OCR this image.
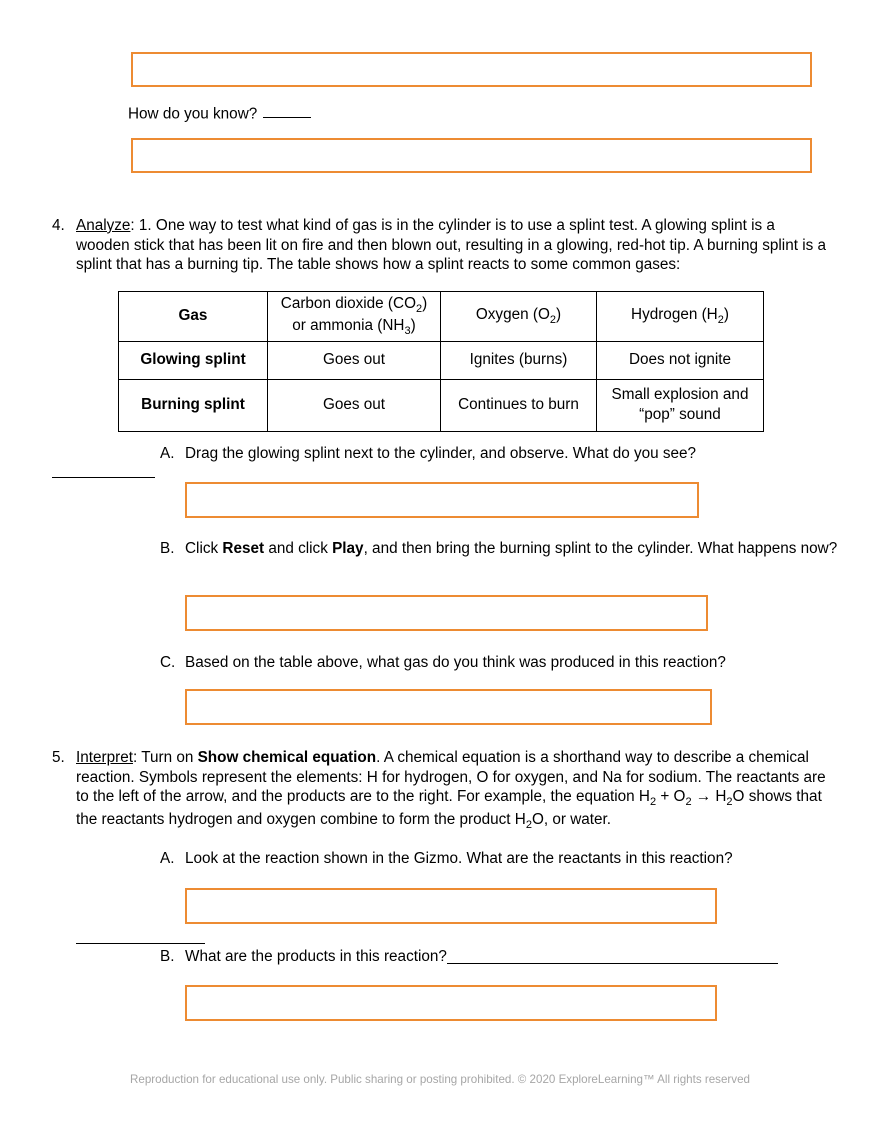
How do you know?
4. Analyze: 1. One way to test what kind of gas is in the cylinder is to use a splint test. A glowing splint is a wooden stick that has been lit on fire and then blown out, resulting in a glowing, red-hot tip. A burning splint is a splint that has a burning tip. The table shows how a splint reacts to some common gases:
Gas	Carbon dioxide $(CO_2)$ or ammonia $(NH_3)$	Oxygen $(O_2)$	Hydrogen $(H_2)$
Glowing splint	Goes out	Ignites (burns)	Does not ignite
Burning splint	Goes out	Continues to burn	Small explosion and “pop” sound
A. Drag the glowing splint next to the cylinder, and observe. What do you see?
B. Click Reset and click Play, and then bring the burning splint to the cylinder. What happens now?
C. Based on the table above, what gas do you think was produced in this reaction?
5. Interpret: Turn on Show chemical equation. A chemical equation is a shorthand way to describe a chemical reaction. Symbols represent the elements: H for hydrogen, O for oxygen, and Na for sodium. The reactants are to the left of the arrow, and the products are to the right. For example, the equation $H_2 + O_2 \to H_2O$ shows that the reactants hydrogen and oxygen combine to form the product $H_2O$, or water.
A. Look at the reaction shown in the Gizmo. What are the reactants in this reaction?
B. What are the products in this reaction?
Reproduction for educational use only. Public sharing or posting prohibited. © 2020 ExploreLearning™ All rights reserved
